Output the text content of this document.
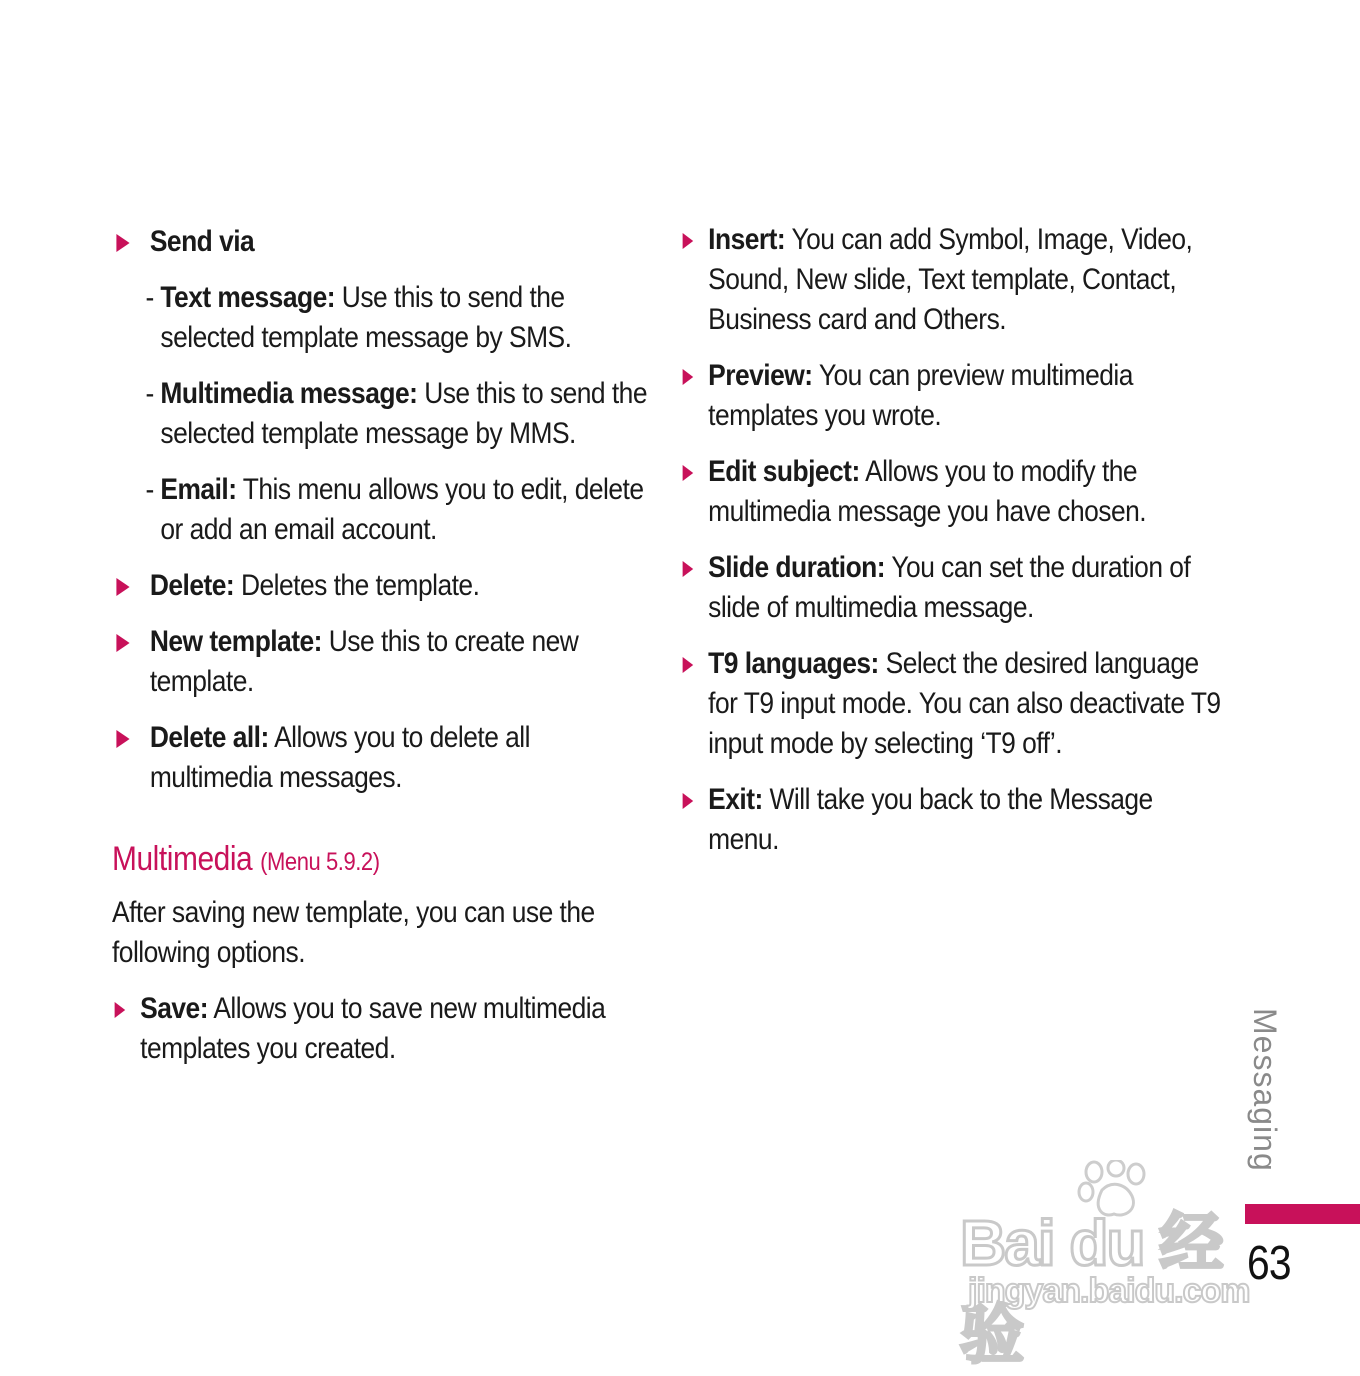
Send via
- Text message: Use this to send the selected template message by SMS.
- Multimedia message: Use this to send the selected template message by MMS.
- Email: This menu allows you to edit, delete or add an email account.
Delete: Deletes the template.
New template: Use this to create new template.
Delete all: Allows you to delete all multimedia messages.
Multimedia (Menu 5.9.2)
After saving new template, you can use the following options.
Save: Allows you to save new multimedia templates you created.
Insert: You can add Symbol, Image, Video, Sound, New slide, Text template, Contact, Business card and Others.
Preview: You can preview multimedia templates you wrote.
Edit subject: Allows you to modify the multimedia message you have chosen.
Slide duration: You can set the duration of slide of multimedia message.
T9 languages: Select the desired language for T9 input mode. You can also deactivate T9 input mode by selecting ‘T9 off’.
Exit: Will take you back to the Message menu.
Messaging
63
Bai du 经验
jingyan.baidu.com
